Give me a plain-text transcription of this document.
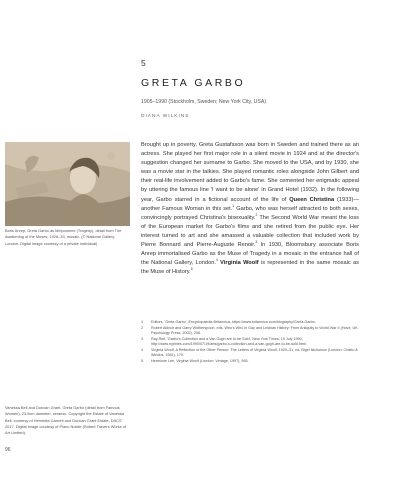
5
GRETA GARBO
1905–1990 (Stockholm, Sweden; New York City, USA)
DIANA WILKINS
Boris Anrep, Greta Garbo as Melpomene (Tragedy), detail from The Awakening of the Muses, 1928–33, mosaic. (© National Gallery, London. Digital image courtesy of a private individual)
Brought up in poverty, Greta Gustafsson was born in Sweden and trained there as an actress. She played her first major role in a silent movie in 1924 and at the director's suggestion changed her surname to Garbo. She moved to the USA, and by 1930, she was a movie star in the talkies. She played romantic roles alongside John Gilbert and their real-life involvement added to Garbo's fame. She cemented her enigmatic appeal by uttering the famous line 'I want to be alone' in Grand Hotel (1932). In the following year, Garbo starred in a fictional account of the life of Queen Christina (1933)—another Famous Woman in this set.$^1$ Garbo, who was herself attracted to both sexes, convincingly portrayed Christina's bisexuality.$^2$ The Second World War meant the loss of the European market for Garbo's films and she retired from the public eye. Her interest turned to art and she amassed a valuable collection that included work by Pierre Bonnard and Pierre-Auguste Renoir.$^3$ In 1930, Bloomsbury associate Boris Anrep immortalised Garbo as the Muse of Tragedy in a mosaic in the entrance hall of the National Gallery, London.$^4$ Virginia Woolf is represented in the same mosaic as the Muse of History.$^5$
1	Editors, 'Greta Garbo', Encyclopaedia Britannica, https://www.britannica.com/biography/Greta-Garbo.
2	Robert Aldrich and Garry Wotherspoon, eds, Who's Who in Gay and Lesbian History: From Antiquity to World War II (Hove, UK: Psychology Press, 2002), 206.
3	Ray Reif, 'Garbo's Collection and a Van Gogh are to be Sold', New York Times, 19 July 1990, http://www.nytimes.com/1990/07/19/arts/garbo-s-collection-and-a-van-gogh-are-to-be-sold.html.
4	Virginia Woolf, A Reflection of the Other Person: The Letters of Virginia Woolf, 1929–31, ed. Nigel Nicholson (London: Chatto & Windus, 1981), 170.
5	Hermione Lee, Virginia Woolf (London: Vintage, 1997), 565.
Vanessa Bell and Duncan Grant, Greta Garbo (detail from Famous Women), 23.5cm diameter, ceramic. Copyright the Estate of Vanessa Bell, courtesy of Henrietta Garnett and Duncan Grant Estate, DACS 2017. Digital image courtesy of Piano Nobile (Robert Travers Works of Art Limited).
96
